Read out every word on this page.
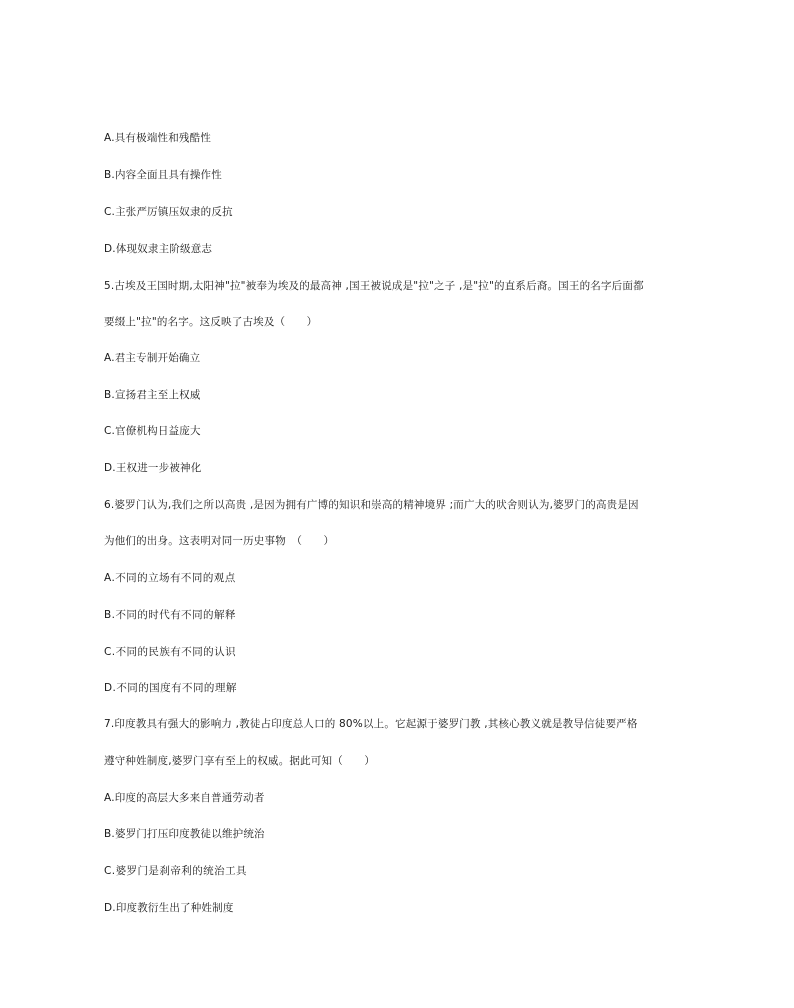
A.具有极端性和残酷性
B.内容全面且具有操作性
C.主张严厉镇压奴隶的反抗
D.体现奴隶主阶级意志
5.古埃及王国时期,太阳神"拉"被奉为埃及的最高神 ,国王被说成是"拉"之子 ,是"拉"的直系后裔。国王的名字后面都
要缀上"拉"的名字。这反映了古埃及（　　）
A.君主专制开始确立
B.宣扬君主至上权威
C.官僚机构日益庞大
D.王权进一步被神化
6.婆罗门认为,我们之所以高贵 ,是因为拥有广博的知识和崇高的精神境界 ;而广大的吠舍则认为,婆罗门的高贵是因
为他们的出身。这表明对同一历史事物　（　　）
A.不同的立场有不同的观点
B.不同的时代有不同的解释
C.不同的民族有不同的认识
D.不同的国度有不同的理解
7.印度教具有强大的影响力 ,教徒占印度总人口的 80%以上。它起源于婆罗门教 ,其核心教义就是教导信徒要严格
遵守种姓制度,婆罗门享有至上的权威。据此可知（　　）
A.印度的高层大多来自普通劳动者
B.婆罗门打压印度教徒以维护统治
C.婆罗门是刹帝利的统治工具
D.印度教衍生出了种姓制度
